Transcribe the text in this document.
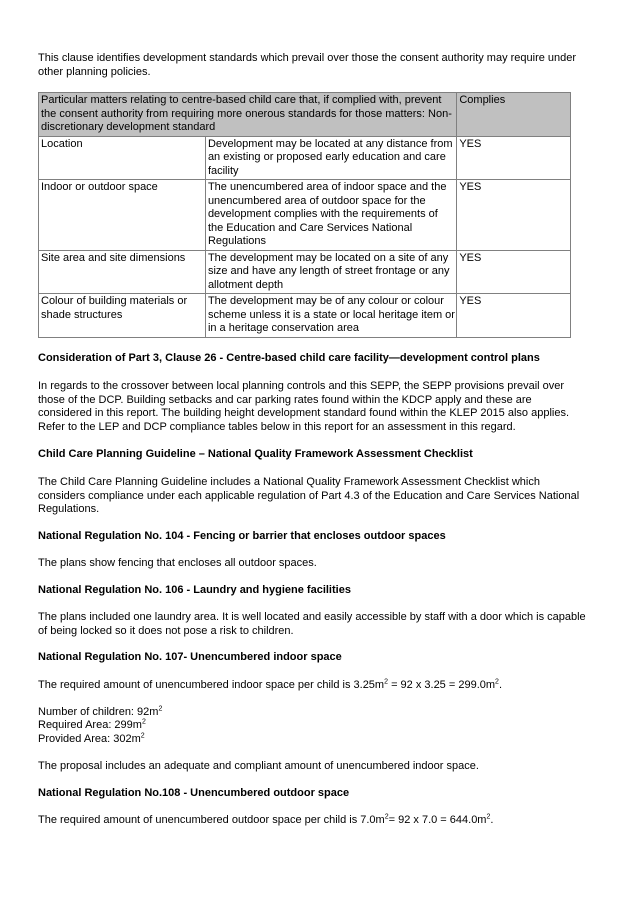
This clause identifies development standards which prevail over those the consent authority may require under other planning policies.

Particular matters relating to centre-based child care that, if complied with, prevent the consent authority from requiring more onerous standards for those matters: Non-discretionary development standard		Complies
Location	Development may be located at any distance from an existing or proposed early education and care facility	YES
Indoor or outdoor space	The unencumbered area of indoor space and the unencumbered area of outdoor space for the development complies with the requirements of the Education and Care Services National Regulations	YES
Site area and site dimensions	The development may be located on a site of any size and have any length of street frontage or any allotment depth	YES
Colour of building materials or shade structures	The development may be of any colour or colour scheme unless it is a state or local heritage item or in a heritage conservation area	YES
Consideration of Part 3, Clause 26 - Centre-based child care facility—development control plans

In regards to the crossover between local planning controls and this SEPP, the SEPP provisions prevail over those of the DCP. Building setbacks and car parking rates found within the KDCP apply and these are considered in this report. The building height development standard found within the KLEP 2015 also applies. Refer to the LEP and DCP compliance tables below in this report for an assessment in this regard.

Child Care Planning Guideline – National Quality Framework Assessment Checklist

The Child Care Planning Guideline includes a National Quality Framework Assessment Checklist which considers compliance under each applicable regulation of Part 4.3 of the Education and Care Services National Regulations.

National Regulation No. 104 - Fencing or barrier that encloses outdoor spaces

The plans show fencing that encloses all outdoor spaces.

National Regulation No. 106 - Laundry and hygiene facilities

The plans included one laundry area. It is well located and easily accessible by staff with a door which is capable of being locked so it does not pose a risk to children.

National Regulation No. 107- Unencumbered indoor space

The required amount of unencumbered indoor space per child is $3.25m^2 = 92$ x $3.25 = 299.0m^2$.

Number of children: $92m^2$

Required Area: $299m^2$

Provided Area: $302m^2$

The proposal includes an adequate and compliant amount of unencumbered indoor space.

National Regulation No.108 - Unencumbered outdoor space

The required amount of unencumbered outdoor space per child is $7.0m^2= 92$ x $7.0 = 644.0m^2$.
